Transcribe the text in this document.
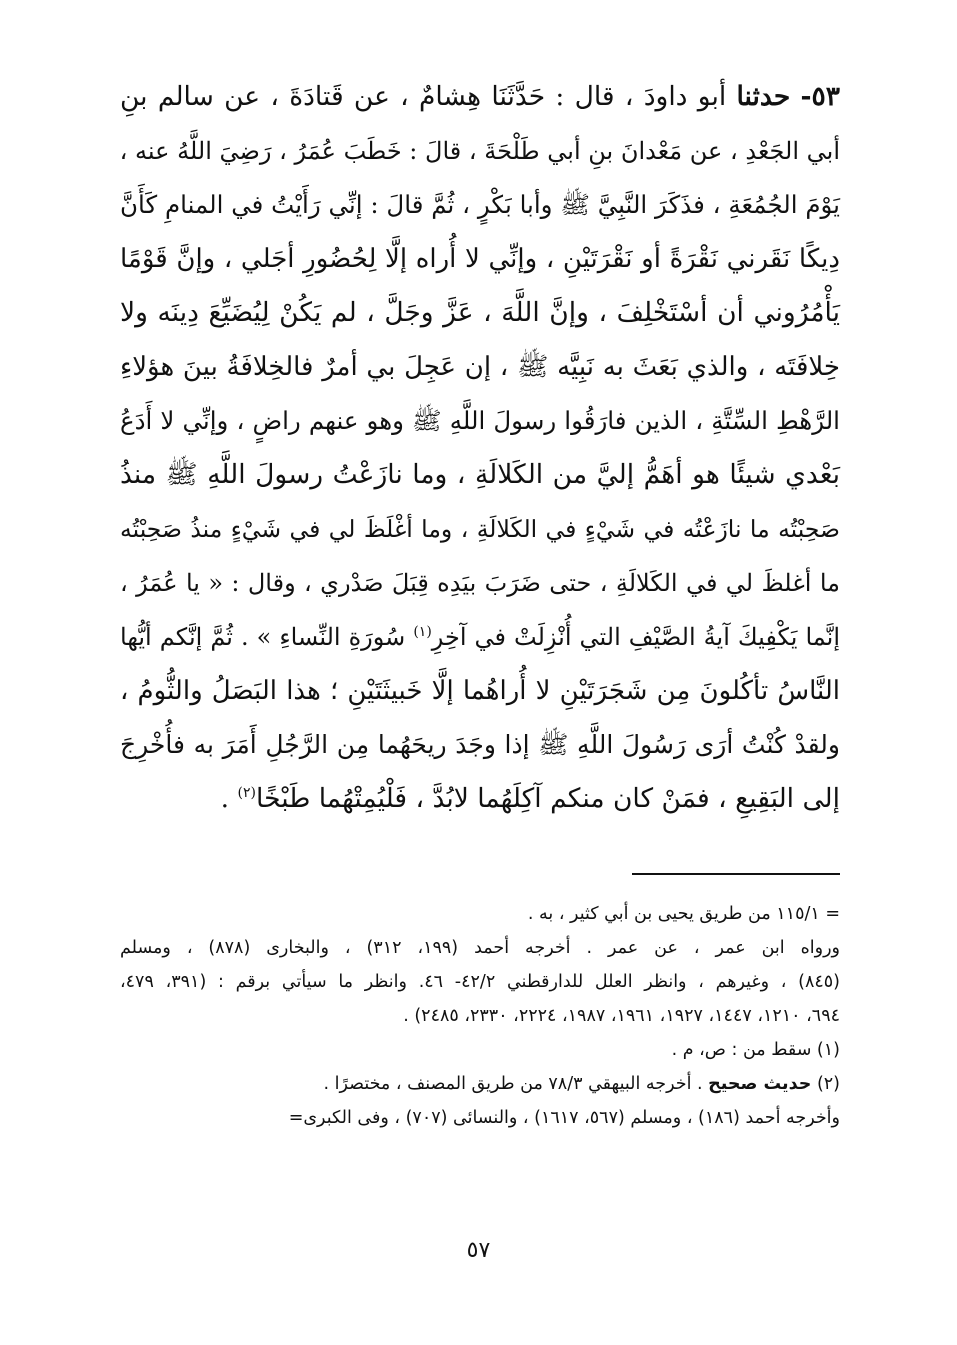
٥٣- حدثنا أبو داودَ ، قال : حَدَّثَنَا هِشامٌ ، عن قَتادَةَ ، عن سالم بنِ
أبي الجَعْدِ ، عن مَعْدانَ بنِ أبي طَلْحَةَ ، قالَ : خَطَبَ عُمَرُ ، رَضِيَ اللَّهُ عنه ،
يَوْمَ الجُمُعَةِ ، فذَكَرَ النَّبِيَّ ﷺ وأبا بَكْرٍ ، ثُمَّ قالَ : إنِّي رَأَيْتُ في المنامِ كَأَنَّ
دِيكًا نَقَرني نَقْرَةً أو نَقْرَتَيْنِ ، وإنِّي لا أُراه إلَّا لِحُضُورِ أجَلي ، وإنَّ قَوْمًا
يَأْمُرُوني أن أسْتَخْلِفَ ، وإنَّ اللَّهَ ، عَزَّ وجَلَّ ، لم يَكُنْ لِيُضَيِّعَ دِينَه ولا
خِلافَتَه ، والذي بَعَثَ به نَبِيَّه ﷺ ، إن عَجِلَ بي أمرٌ فالخِلافَةُ بينَ هؤلاءِ
الرَّهْطِ السِّتَّةِ ، الذين فارَقُوا رسولَ اللَّهِ ﷺ وهو عنهم راضٍ ، وإنِّي لا أَدَعُ
بَعْدي شيئًا هو أهَمُّ إليَّ من الكَلالَةِ ، وما نازَعْتُ رسولَ اللَّهِ ﷺ منذُ
صَحِبْتُه ما نازَعْتُه في شَيْءٍ في الكَلالَةِ ، وما أغْلَظَ لي في شَيْءٍ منذُ صَحِبْتُه
ما أغلظَ لي في الكَلالَةِ ، حتى ضَرَبَ بيَدِه قِبَلَ صَدْري ، وقال : « يا عُمَرُ ،
إنَّما يَكْفِيكَ آيةُ الصَّيْفِ التي أُنْزِلَتْ في آخِرِ$^{(١)}$ سُورَةِ النِّساءِ » . ثُمَّ إنَّكم أيُّها
النَّاسُ تأكُلونَ مِن شَجَرَتَيْنِ لا أُراهُما إلَّا خَبيثَتَيْنِ ؛ هذا البَصَلُ والثُّومُ ،
ولقدْ كُنْتُ أرَى رَسُولَ اللَّهِ ﷺ إذا وجَدَ ريحَهُما مِن الرَّجُلِ أَمَرَ به فأُخْرِجَ
إلى البَقِيعِ ، فمَنْ كان منكم آكِلَهُما لابُدَّ ، فَلْيُمِتْهُما طَبْخًا$^{(٢)}$ .
= ١١٥/١ من طريق يحيى بن أبي كثير ، به .
ورواه ابن عمر ، عن عمر . أخرجه أحمد (١٩٩، ٣١٢) ، والبخارى (٨٧٨) ، ومسلم
(٨٤٥) ، وغيرهم ، وانظر العلل للدارقطني ٤٢/٢- ٤٦. وانظر ما سيأتي برقم : (٣٩١، ٤٧٩،
٦٩٤، ١٢١٠، ١٤٤٧، ١٩٢٧، ١٩٦١، ١٩٨٧، ٢٢٢٤، ٢٣٣٠، ٢٤٨٥) .
(١) سقط من : ص، م .
(٢) حديث صحيح . أخرجه البيهقي ٧٨/٣ من طريق المصنف ، مختصرًا .
وأخرجه أحمد (١٨٦) ، ومسلم (٥٦٧، ١٦١٧) ، والنسائى (٧٠٧) ، وفى الكبرى=
٥٧
